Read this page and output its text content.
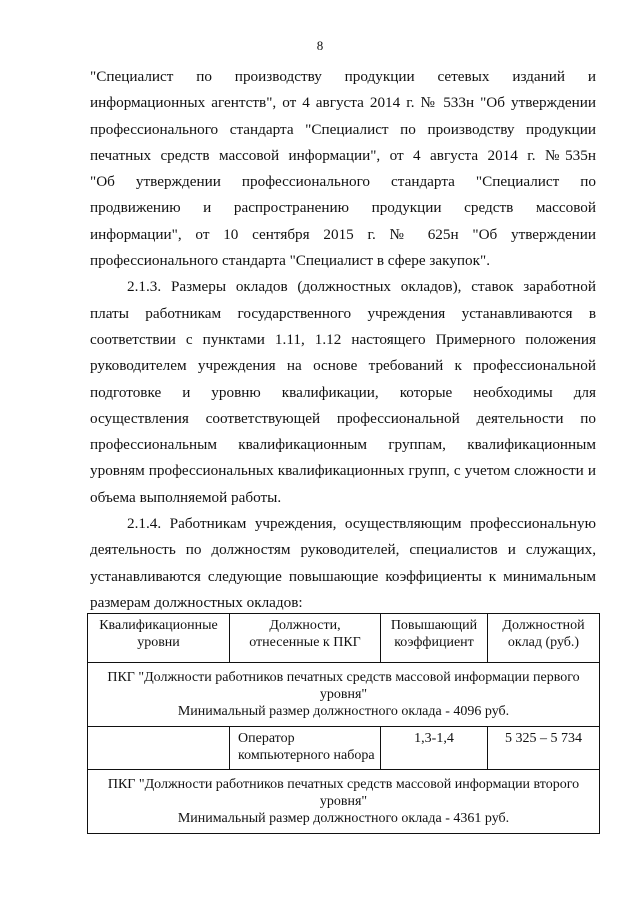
8
"Специалист по производству продукции сетевых изданий и
информационных агентств", от 4 августа 2014 г. № 533н "Об утверждении
профессионального стандарта "Специалист по производству продукции
печатных средств массовой информации", от 4 августа 2014 г. №535н
"Об утверждении профессионального стандарта "Специалист по
продвижению и распространению продукции средств массовой
информации", от 10 сентября 2015 г. № 625н "Об утверждении
профессионального стандарта "Специалист в сфере закупок".
2.1.3. Размеры окладов (должностных окладов), ставок заработной
платы работникам государственного учреждения устанавливаются в
соответствии с пунктами 1.11, 1.12 настоящего Примерного положения
руководителем учреждения на основе требований к профессиональной
подготовке и уровню квалификации, которые необходимы для
осуществления соответствующей профессиональной деятельности по
профессиональным квалификационным группам, квалификационным
уровням профессиональных квалификационных групп, с учетом сложности и
объема выполняемой работы.
2.1.4. Работникам учреждения, осуществляющим профессиональную
деятельность по должностям руководителей, специалистов и служащих,
устанавливаются следующие повышающие коэффициенты к минимальным
размерам должностных окладов:
Квалификационные уровни	Должности, отнесенные к ПКГ	Повышающий коэффициент	Должностной оклад (руб.)

ПКГ "Должности работников печатных средств массовой информации первого уровня"
Минимальный размер должностного оклада - 4096 руб.			

	Оператор компьютерного набора	1,3-1,4	5 325 – 5 734

ПКГ "Должности работников печатных средств массовой информации второго уровня"
Минимальный размер должностного оклада - 4361 руб.			
